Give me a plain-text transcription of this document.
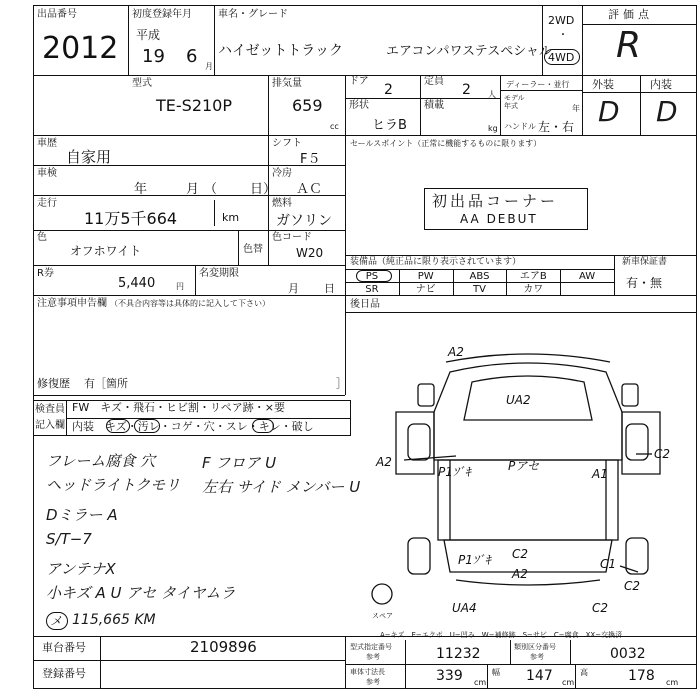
出品番号
2012
初度登録年月
平成
19 6 月
車名・グレード
ハイゼットトラック	エアコンパワステスペシャル
2WD
・
4WD
評価点
R
型式
TE-S210P
排気量
659
cc
ドア
2
定員
2 人
形状
ヒラB
積載
kg
ディーラー・並行
モデル
年式	年
ハンドル 左・右
外装	内装
D D
車歴
自家用
シフト
F５
車検
年	月 （	日）
冷房
ＡＣ
走行
11万5千664	km
燃料
ガソリン
色
オフホワイト	色替
色コード
W20
R券
5,440	円
名変期限
月 日
注意事項申告欄 （不具合内容等は具体的に記入して下さい）
修復歴 有［箇所	］
セールスポイント（正常に機能するものに限ります）
初出品コーナー
AA DEBUT
装備品（純正品に限り表示されています）	新車保証書
有・無
PS	PW	ABS	エアB	AW
SR	ナビ	TV	カワ
後日品
検査員
記入欄
FW　キズ・飛石・ヒビ割・リペア跡・×要
内装　キズ・汚レ・コゲ・穴・スレ・キレ・破し
フレーム腐食 穴
ヘッドライトクモリ
Dミラー A
S/T−7
アンテナX
小キズ A U アセ タイヤムラ
メ 115,665 KM
F フロア U
左右 サイド メンバー U
車台番号	2109896
登録番号
A−キズ　E−エクボ　U−凹み　W−補修跡　S−サビ　C−腐食　XX−交換済
型式指定番号
参考	11232	類別区分番号
参考	0032
車体寸法長
参考	339 cm
幅 147 cm
高	178 cm
A2
UA2
A2
P1ｿﾞｷ	Pアセ
A1
C2
C2
P1ｿﾞｷ
A2
C1
C2
UA4	C2
スペア
